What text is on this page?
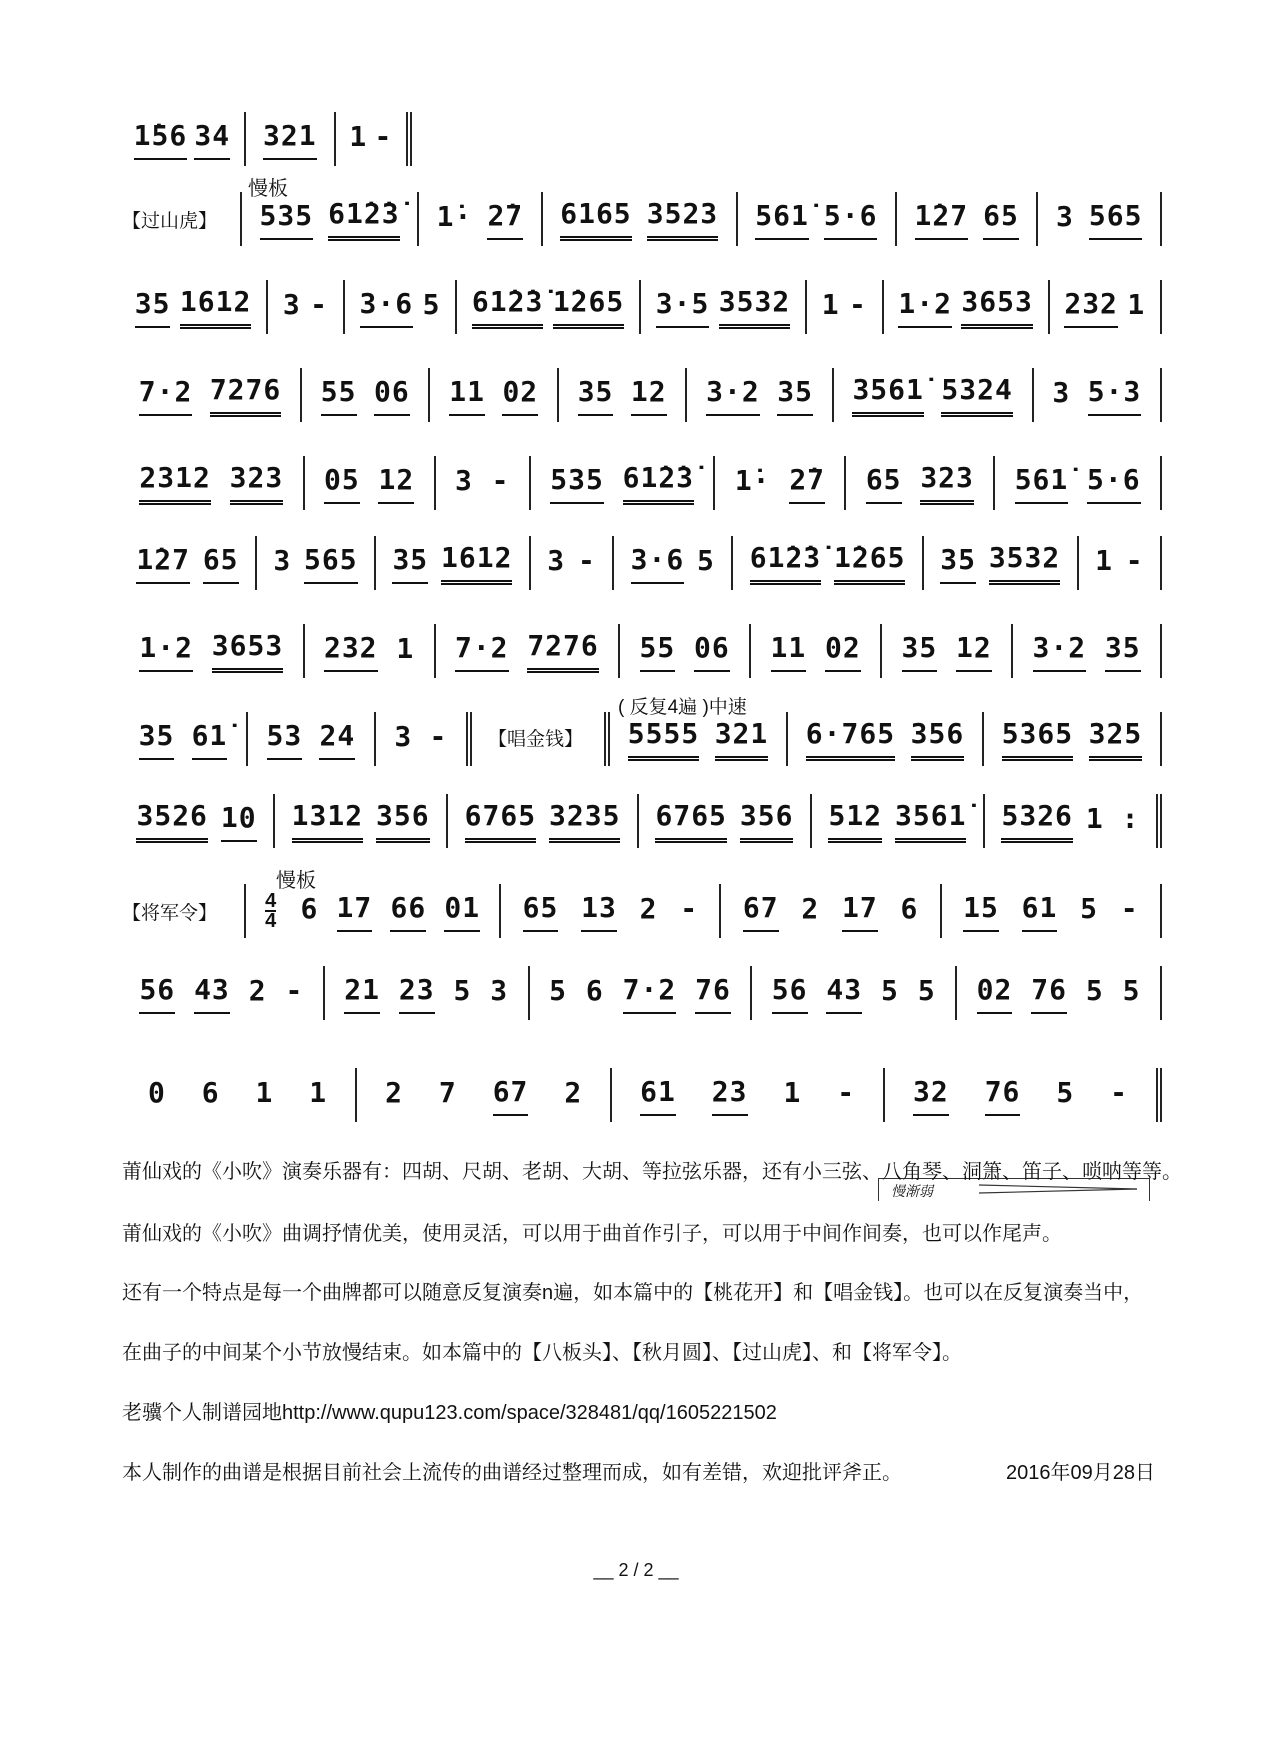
1̇56 34 321 1 -
慢板
【过山虎】 535 61̇2̇3̇ 1̇· 2̇7 6165 3523 561̇ 5·6 1̇27 65 3 565
35 1612 3 - 3·6 5 61̇2̇3̇ 1̇265 3·5 3532 1 - 1·2 3653 232 1
7·2 7276 55 06 11 02 35 12 3·2 35 3561̇ 5324 3 5·3
2312 323 05 12 3 - 535 61̇2̇3̇ 1̇· 2̇7 65 323 561̇ 5·6
1̇27 65 3 565 35 1612 3 - 3·6 5 61̇2̇3̇ 1̇265 35 3532 1 -
1·2 3653 232 1 7·2 7276 55 06 11 02 35 12 3·2 35
( 反复4遍 )中速
35 61̇ 53 24 3 - 【唱金钱】 5555 321 6·765 356 5365 325
3526 10 1312 356 6765 3235 6765 356 512 3561̇ 5326 1 :
慢板
【将军令】
4
4 6 17 66 01 65 13 2 - 67 2 17 6 15 61 5 -
56 43 2 - 21 23 5 3 5 6 7·2 76 56 43 5 5 02 76 5 5
慢渐弱
0 6 1 1 2 7 67 2 61 23 1 - 32 76 5 -
莆仙戏的《小吹》演奏乐器有：四胡、尺胡、老胡、大胡、等拉弦乐器，还有小三弦、八角琴、洞箫、笛子、唢呐等等。
莆仙戏的《小吹》曲调抒情优美，使用灵活，可以用于曲首作引子，可以用于中间作间奏，也可以作尾声。
还有一个特点是每一个曲牌都可以随意反复演奏n遍，如本篇中的【桃花开】和【唱金钱】。也可以在反复演奏当中，
在曲子的中间某个小节放慢结束。如本篇中的【八板头】、【秋月圆】、【过山虎】、和【将军令】。
老骥个人制谱园地http://www.qupu123.com/space/328481/qq/1605221502
本人制作的曲谱是根据目前社会上流传的曲谱经过整理而成，如有差错，欢迎批评斧正。	2016年09月28日
__ 2 / 2 __
